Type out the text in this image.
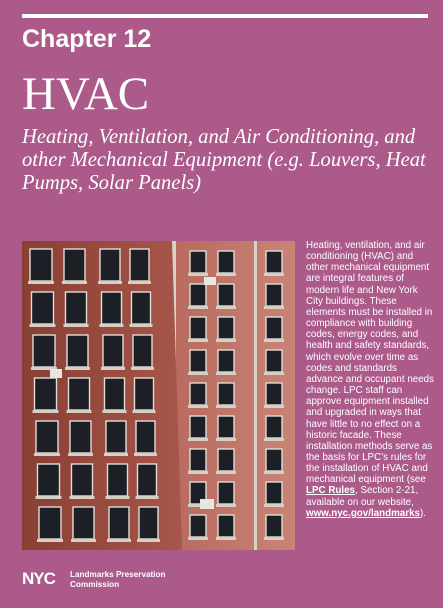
Chapter 12
HVAC

Heating, Ventilation, and Air Conditioning, and other Mechanical Equipment (e.g. Louvers, Heat Pumps, Solar Panels)

Heating, ventilation, and air conditioning (HVAC) and other mechanical equipment are integral features of modern life and New York City buildings. These elements must be installed in compliance with building codes, energy codes, and health and safety standards, which evolve over time as codes and standards advance and occupant needs change. LPC staff can approve equipment installed and upgraded in ways that have little to no effect on a historic facade. These installation methods serve as the basis for LPC’s rules for the installation of HVAC and mechanical equipment (see LPC Rules, Section 2-21, available on our website, www.nyc.gov/landmarks).

NYC Landmarks Preservation
Commission
